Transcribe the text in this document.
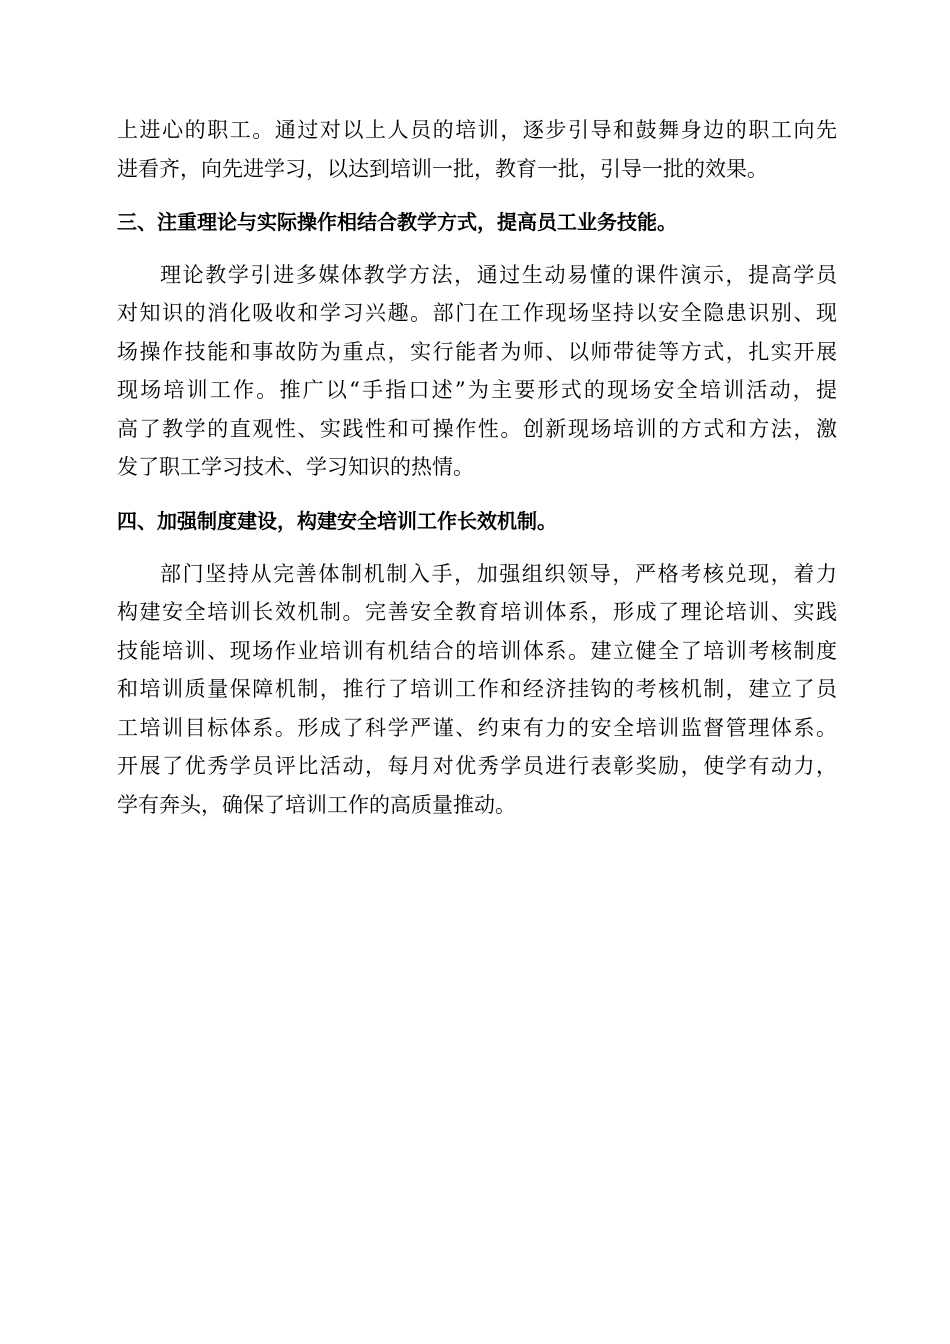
上进心的职工。通过对以上人员的培训，逐步引导和鼓舞身边的职工向先
进看齐，向先进学习，以达到培训一批，教育一批，引导一批的效果。
三、注重理论与实际操作相结合教学方式，提高员工业务技能。
理论教学引进多媒体教学方法，通过生动易懂的课件演示，提高学员
对知识的消化吸收和学习兴趣。部门在工作现场坚持以安全隐患识别、现
场操作技能和事故防为重点，实行能者为师、以师带徒等方式，扎实开展
现场培训工作。推广以“手指口述”为主要形式的现场安全培训活动，提
高了教学的直观性、实践性和可操作性。创新现场培训的方式和方法，激
发了职工学习技术、学习知识的热情。
四、加强制度建设，构建安全培训工作长效机制。
部门坚持从完善体制机制入手，加强组织领导，严格考核兑现，着力
构建安全培训长效机制。完善安全教育培训体系，形成了理论培训、实践
技能培训、现场作业培训有机结合的培训体系。建立健全了培训考核制度
和培训质量保障机制，推行了培训工作和经济挂钩的考核机制，建立了员
工培训目标体系。形成了科学严谨、约束有力的安全培训监督管理体系。
开展了优秀学员评比活动，每月对优秀学员进行表彰奖励，使学有动力，
学有奔头，确保了培训工作的高质量推动。
